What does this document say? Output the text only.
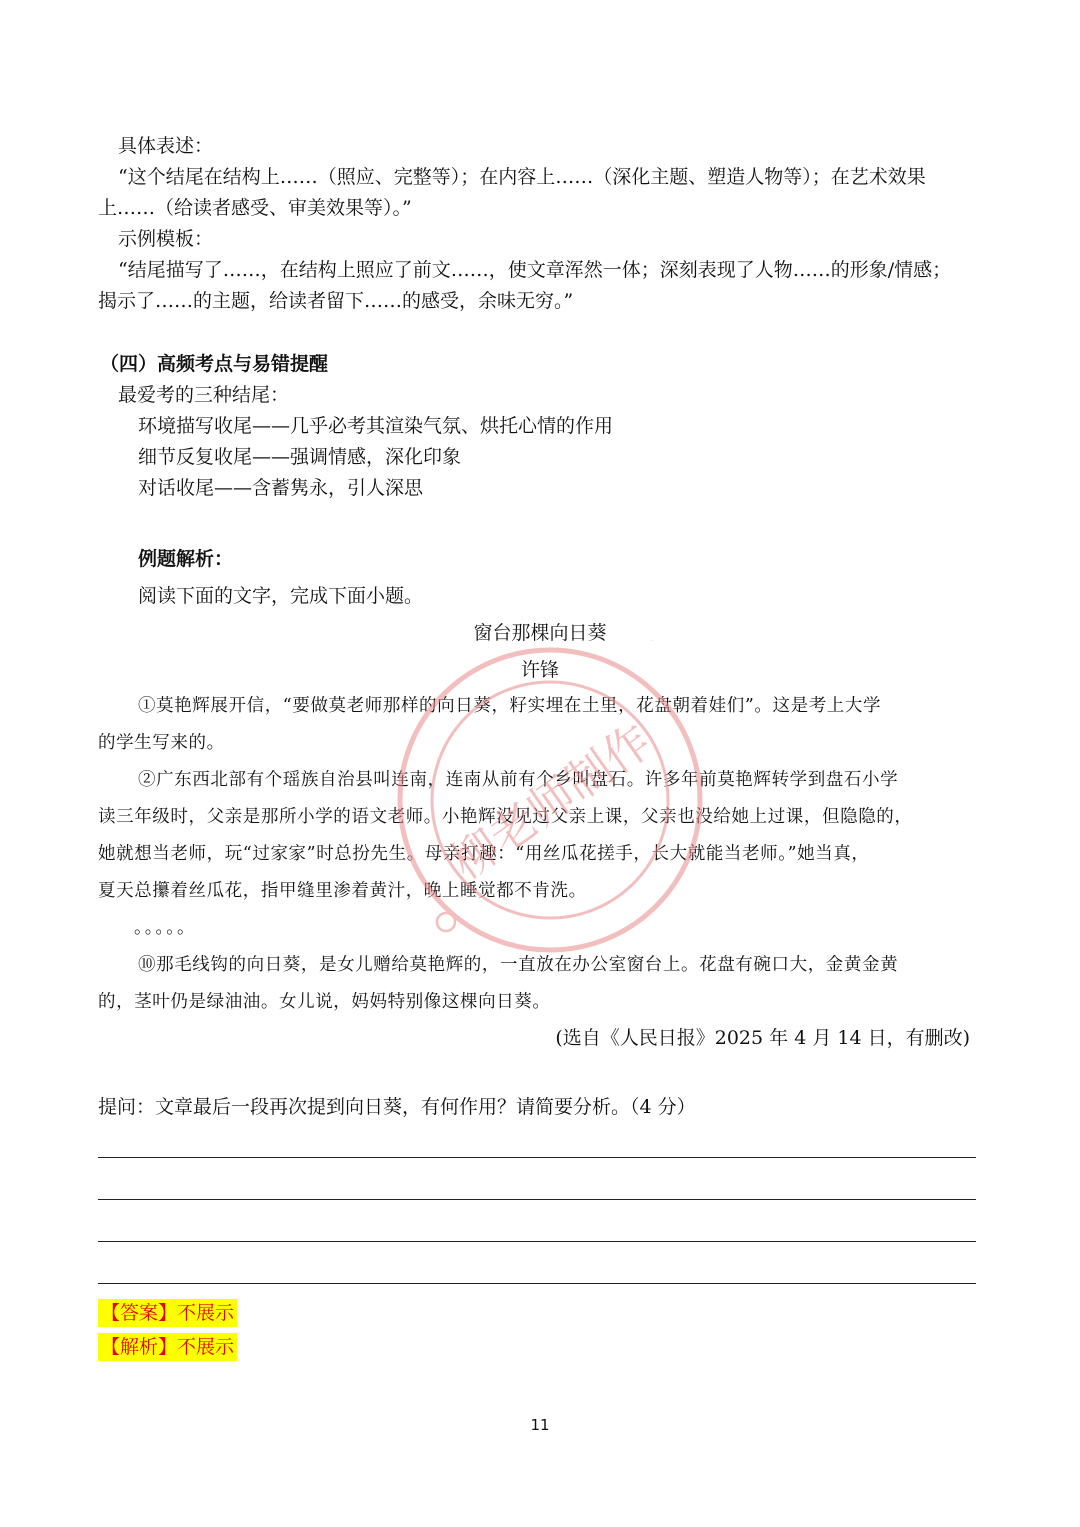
具体表述：
“这个结尾在结构上……（照应、完整等）；在内容上……（深化主题、塑造人物等）；在艺术效果
上……（给读者感受、审美效果等）。”
示例模板：
“结尾描写了……，在结构上照应了前文……，使文章浑然一体；深刻表现了人物……的形象/情感；
揭示了……的主题，给读者留下……的感受，余味无穷。”
（四）高频考点与易错提醒
最爱考的三种结尾：
环境描写收尾——几乎必考其渲染气氛、烘托心情的作用
细节反复收尾——强调情感，深化印象
对话收尾——含蓄隽永，引人深思
例题解析：
阅读下面的文字，完成下面小题。
窗台那棵向日葵
许锋
①莫艳辉展开信，“要做莫老师那样的向日葵，籽实埋在土里，花盘朝着娃们”。这是考上大学
的学生写来的。
②广东西北部有个瑶族自治县叫连南，连南从前有个乡叫盘石。许多年前莫艳辉转学到盘石小学
读三年级时，父亲是那所小学的语文老师。小艳辉没见过父亲上课，父亲也没给她上过课，但隐隐的，
她就想当老师，玩“过家家”时总扮先生。母亲打趣：“用丝瓜花搓手，长大就能当老师。”她当真，
夏天总攥着丝瓜花，指甲缝里渗着黄汁，晚上睡觉都不肯洗。
。。。。。
⑩那毛线钩的向日葵，是女儿赠给莫艳辉的，一直放在办公室窗台上。花盘有碗口大，金黄金黄
的，茎叶仍是绿油油。女儿说，妈妈特别像这棵向日葵。
(选自《人民日报》2025 年 4 月 14 日，有删改)
提问：文章最后一段再次提到向日葵，有何作用？请简要分析。（4 分）
【答案】不展示
【解析】不展示
柳老师制作
11
